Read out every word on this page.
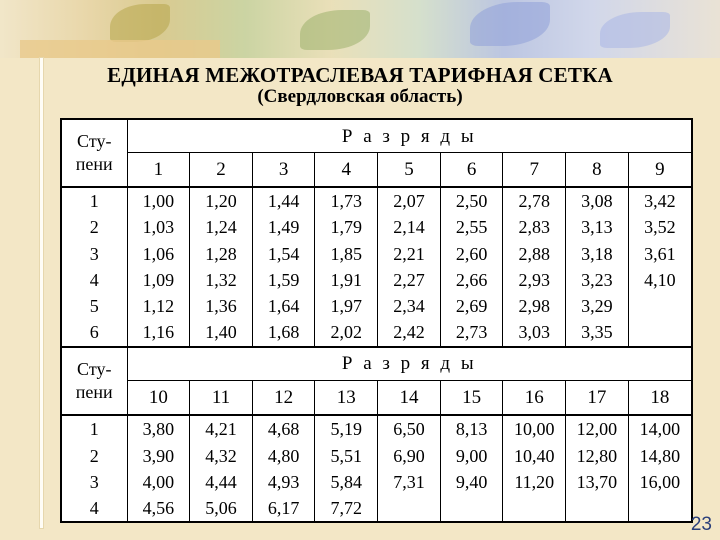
ЕДИНАЯ МЕЖОТРАСЛЕВАЯ ТАРИФНАЯ СЕТКА
(Свердловская область)
Сту-
пени	Р а з р я д ы								
	1	2	3	4	5	6	7	8	9
1	1,00	1,20	1,44	1,73	2,07	2,50	2,78	3,08	3,42
2	1,03	1,24	1,49	1,79	2,14	2,55	2,83	3,13	3,52
3	1,06	1,28	1,54	1,85	2,21	2,60	2,88	3,18	3,61
4	1,09	1,32	1,59	1,91	2,27	2,66	2,93	3,23	4,10
5	1,12	1,36	1,64	1,97	2,34	2,69	2,98	3,29	
6	1,16	1,40	1,68	2,02	2,42	2,73	3,03	3,35	

Сту-
пени	Р а з р я д ы								
	10	11	12	13	14	15	16	17	18
1	3,80	4,21	4,68	5,19	6,50	8,13	10,00	12,00	14,00
2	3,90	4,32	4,80	5,51	6,90	9,00	10,40	12,80	14,80
3	4,00	4,44	4,93	5,84	7,31	9,40	11,20	13,70	16,00
4	4,56	5,06	6,17	7,72					
23
